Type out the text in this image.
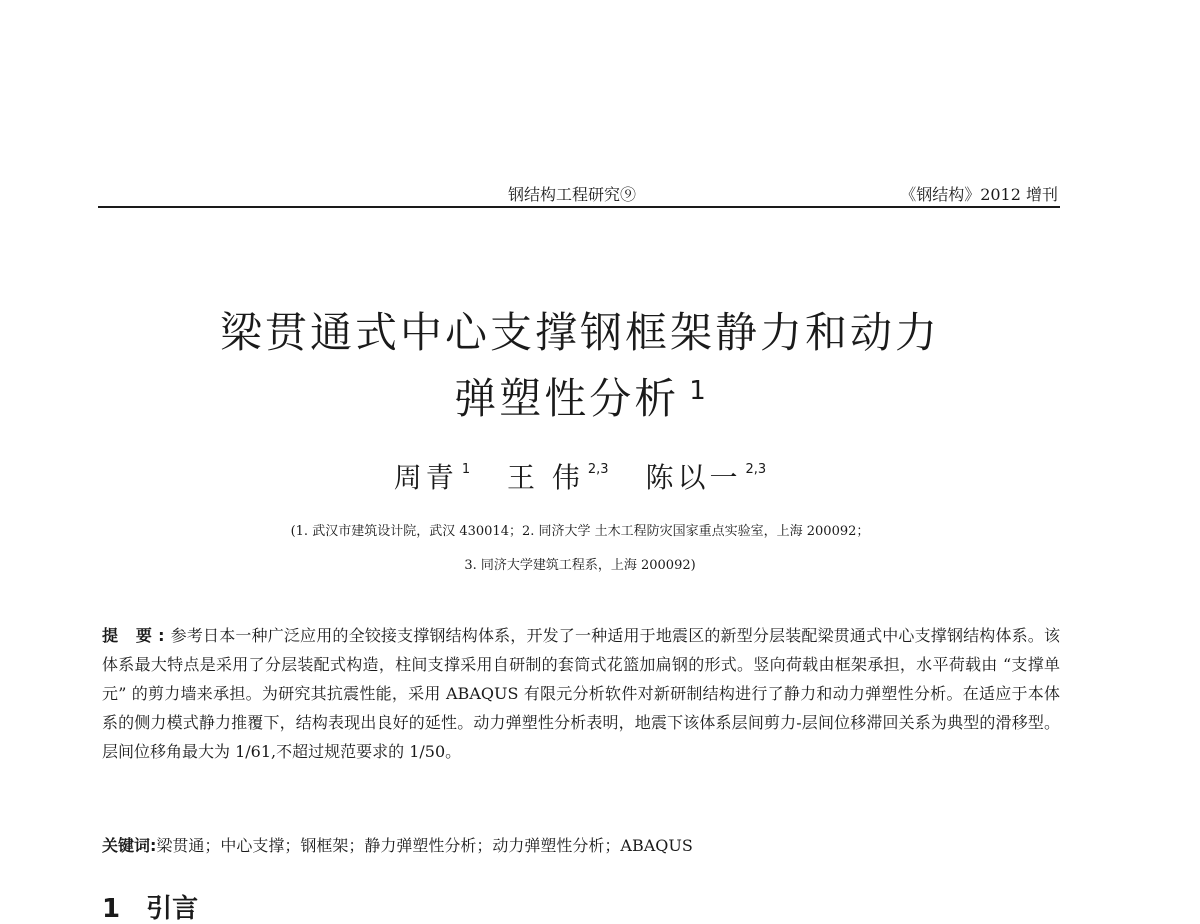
钢结构工程研究⑨	《钢结构》2012 增刊
梁贯通式中心支撑钢框架静力和动力
弹塑性分析 $^1$
周青 $^1$ 王 伟 $^{2,3}$ 陈以一 $^{2,3}$
(1. 武汉市建筑设计院，武汉 430014；2. 同济大学 土木工程防灾国家重点实验室，上海 200092；
3. 同济大学建筑工程系，上海 200092)
提 要:参考日本一种广泛应用的全铰接支撑钢结构体系，开发了一种适用于地震区的新型分层装配梁贯通式中心支撑钢结构体系。该体系最大特点是采用了分层装配式构造，柱间支撑采用自研制的套筒式花篮加扁钢的形式。竖向荷载由框架承担，水平荷载由 “支撑单元” 的剪力墙来承担。为研究其抗震性能，采用 ABAQUS 有限元分析软件对新研制结构进行了静力和动力弹塑性分析。在适应于本体系的侧力模式静力推覆下，结构表现出良好的延性。动力弹塑性分析表明，地震下该体系层间剪力-层间位移滞回关系为典型的滑移型。层间位移角最大为 1/61,不超过规范要求的 1/50。
关键词:梁贯通；中心支撑；钢框架；静力弹塑性分析；动力弹塑性分析；ABAQUS
1 引言
